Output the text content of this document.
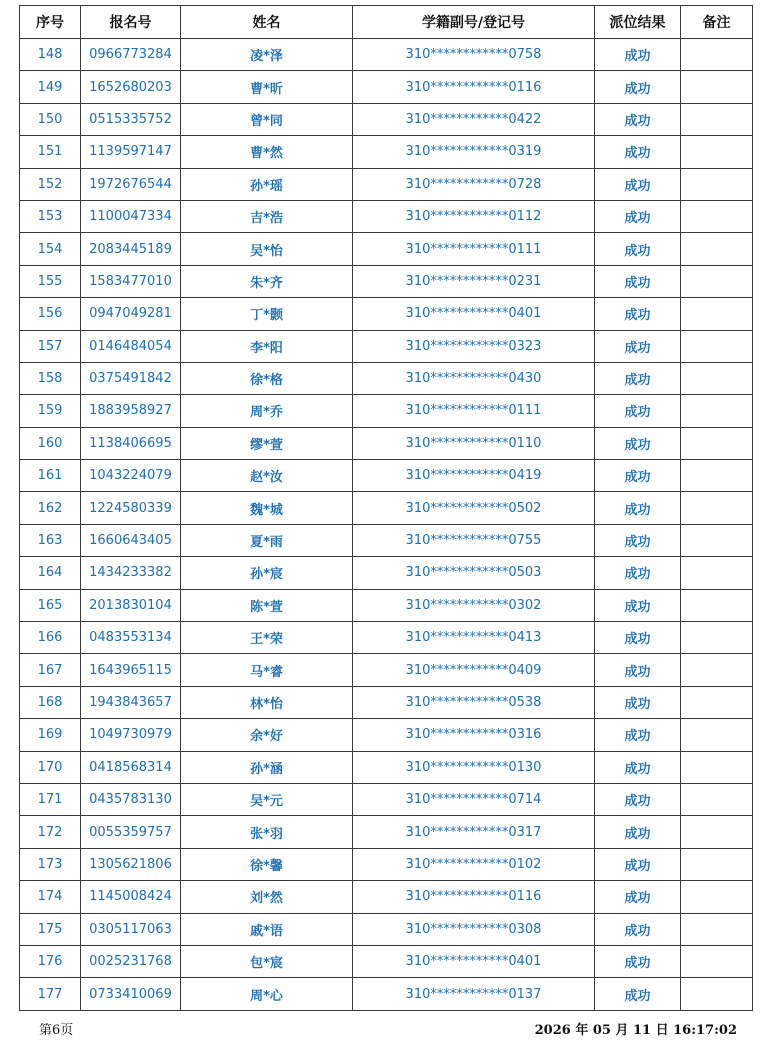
序号	报名号	姓名	学籍副号/登记号	派位结果	备注
148	0966773284	凌*泽	310************0758	成功	
149	1652680203	曹*昕	310************0116	成功	
150	0515335752	曾*同	310************0422	成功	
151	1139597147	曹*然	310************0319	成功	
152	1972676544	孙*瑶	310************0728	成功	
153	1100047334	吉*浩	310************0112	成功	
154	2083445189	吴*怡	310************0111	成功	
155	1583477010	朱*齐	310************0231	成功	
156	0947049281	丁*颢	310************0401	成功	
157	0146484054	李*阳	310************0323	成功	
158	0375491842	徐*格	310************0430	成功	
159	1883958927	周*乔	310************0111	成功	
160	1138406695	缪*萱	310************0110	成功	
161	1043224079	赵*汝	310************0419	成功	
162	1224580339	魏*城	310************0502	成功	
163	1660643405	夏*雨	310************0755	成功	
164	1434233382	孙*宸	310************0503	成功	
165	2013830104	陈*萱	310************0302	成功	
166	0483553134	王*荣	310************0413	成功	
167	1643965115	马*睿	310************0409	成功	
168	1943843657	林*怡	310************0538	成功	
169	1049730979	余*好	310************0316	成功	
170	0418568314	孙*涵	310************0130	成功	
171	0435783130	吴*元	310************0714	成功	
172	0055359757	张*羽	310************0317	成功	
173	1305621806	徐*馨	310************0102	成功	
174	1145008424	刘*然	310************0116	成功	
175	0305117063	戚*语	310************0308	成功	
176	0025231768	包*宸	310************0401	成功	
177	0733410069	周*心	310************0137	成功	
第6页	2026 年 05 月 11 日 16:17:02
